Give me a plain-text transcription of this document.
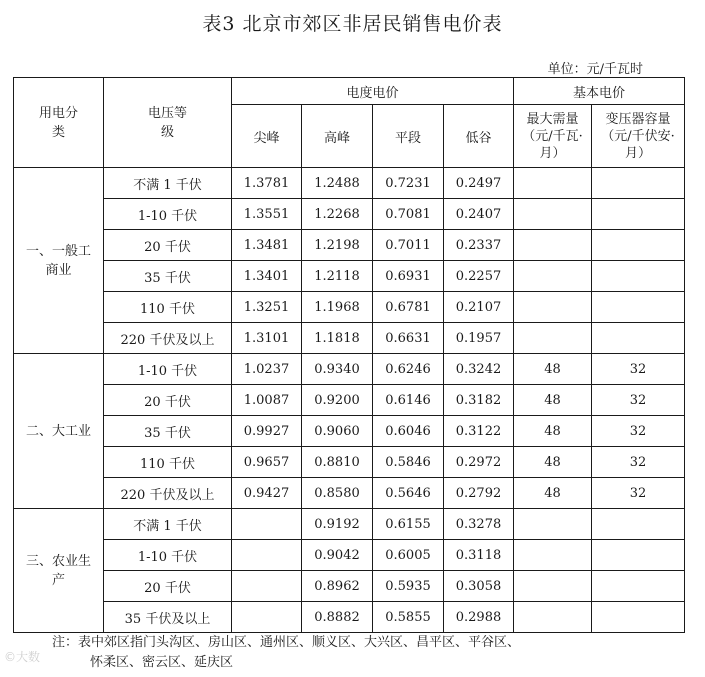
表3 北京市郊区非居民销售电价表
单位：元/千瓦时
用电分类	电压等级	电度电价				基本电价	
		尖峰	高峰	平段	低谷	最大需量（元/千瓦·月）	变压器容量（元/千伏安·月）

一、一般工商业	不满 1 千伏	1.3781	1.2488	0.7231	0.2497		
	1-10 千伏	1.3551	1.2268	0.7081	0.2407		
	20 千伏	1.3481	1.2198	0.7011	0.2337		
	35 千伏	1.3401	1.2118	0.6931	0.2257		
	110 千伏	1.3251	1.1968	0.6781	0.2107		
	220 千伏及以上	1.3101	1.1818	0.6631	0.1957		

二、大工业	1-10 千伏	1.0237	0.9340	0.6246	0.3242	48	32
	20 千伏	1.0087	0.9200	0.6146	0.3182	48	32
	35 千伏	0.9927	0.9060	0.6046	0.3122	48	32
	110 千伏	0.9657	0.8810	0.5846	0.2972	48	32
	220 千伏及以上	0.9427	0.8580	0.5646	0.2792	48	32

三、农业生产	不满 1 千伏		0.9192	0.6155	0.3278		
	1-10 千伏		0.9042	0.6005	0.3118		
	20 千伏		0.8962	0.5935	0.3058		
	35 千伏及以上		0.8882	0.5855	0.2988		
注：表中郊区指门头沟区、房山区、通州区、顺义区、大兴区、昌平区、平谷区、
怀柔区、密云区、延庆区
©大数
